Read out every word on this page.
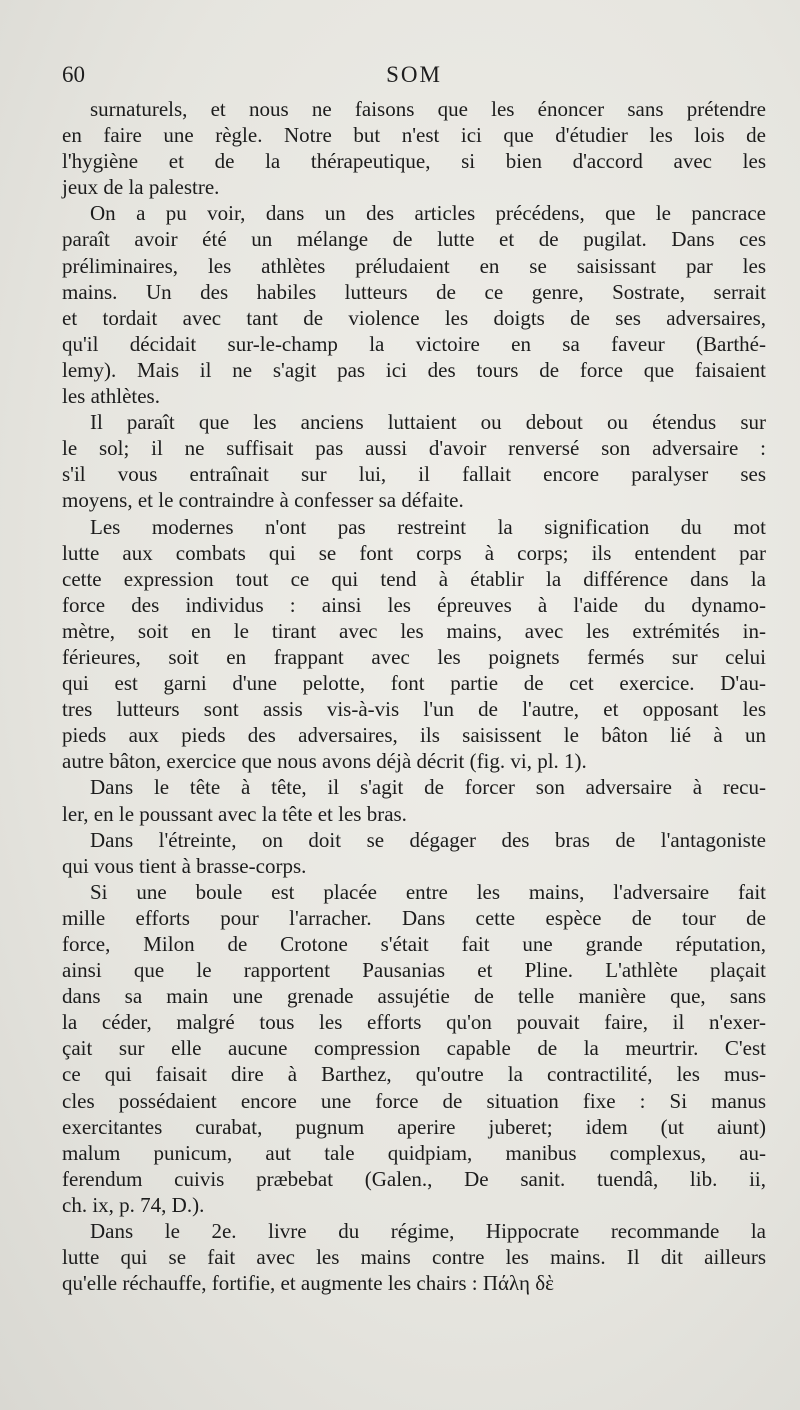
60	SOM

surnaturels, et nous ne faisons que les énoncer sans prétendre
en faire une règle. Notre but n'est ici que d'étudier les lois de
l'hygiène et de la thérapeutique, si bien d'accord avec les
jeux de la palestre.

On a pu voir, dans un des articles précédens, que le pancrace
paraît avoir été un mélange de lutte et de pugilat. Dans ces
préliminaires, les athlètes préludaient en se saisissant par les
mains. Un des habiles lutteurs de ce genre, Sostrate, serrait
et tordait avec tant de violence les doigts de ses adversaires,
qu'il décidait sur-le-champ la victoire en sa faveur (Barthé-
lemy). Mais il ne s'agit pas ici des tours de force que faisaient
les athlètes.

Il paraît que les anciens luttaient ou debout ou étendus sur
le sol; il ne suffisait pas aussi d'avoir renversé son adversaire :
s'il vous entraînait sur lui, il fallait encore paralyser ses
moyens, et le contraindre à confesser sa défaite.

Les modernes n'ont pas restreint la signification du mot
lutte aux combats qui se font corps à corps; ils entendent par
cette expression tout ce qui tend à établir la différence dans la
force des individus : ainsi les épreuves à l'aide du dynamo-
mètre, soit en le tirant avec les mains, avec les extrémités in-
férieures, soit en frappant avec les poignets fermés sur celui
qui est garni d'une pelotte, font partie de cet exercice. D'au-
tres lutteurs sont assis vis-à-vis l'un de l'autre, et opposant les
pieds aux pieds des adversaires, ils saisissent le bâton lié à un
autre bâton, exercice que nous avons déjà décrit (fig. vi, pl. 1).

Dans le tête à tête, il s'agit de forcer son adversaire à recu-
ler, en le poussant avec la tête et les bras.

Dans l'étreinte, on doit se dégager des bras de l'antagoniste
qui vous tient à brasse-corps.

Si une boule est placée entre les mains, l'adversaire fait
mille efforts pour l'arracher. Dans cette espèce de tour de
force, Milon de Crotone s'était fait une grande réputation,
ainsi que le rapportent Pausanias et Pline. L'athlète plaçait
dans sa main une grenade assujétie de telle manière que, sans
la céder, malgré tous les efforts qu'on pouvait faire, il n'exer-
çait sur elle aucune compression capable de la meurtrir. C'est
ce qui faisait dire à Barthez, qu'outre la contractilité, les mus-
cles possédaient encore une force de situation fixe : Si manus
exercitantes curabat, pugnum aperire juberet; idem (ut aiunt)
malum punicum, aut tale quidpiam, manibus complexus, au-
ferendum cuivis præbebat (Galen., De sanit. tuendâ, lib. ii,
ch. ix, p. 74, D.).

Dans le 2e. livre du régime, Hippocrate recommande la
lutte qui se fait avec les mains contre les mains. Il dit ailleurs
qu'elle réchauffe, fortifie, et augmente les chairs : Πάλη δὲ
